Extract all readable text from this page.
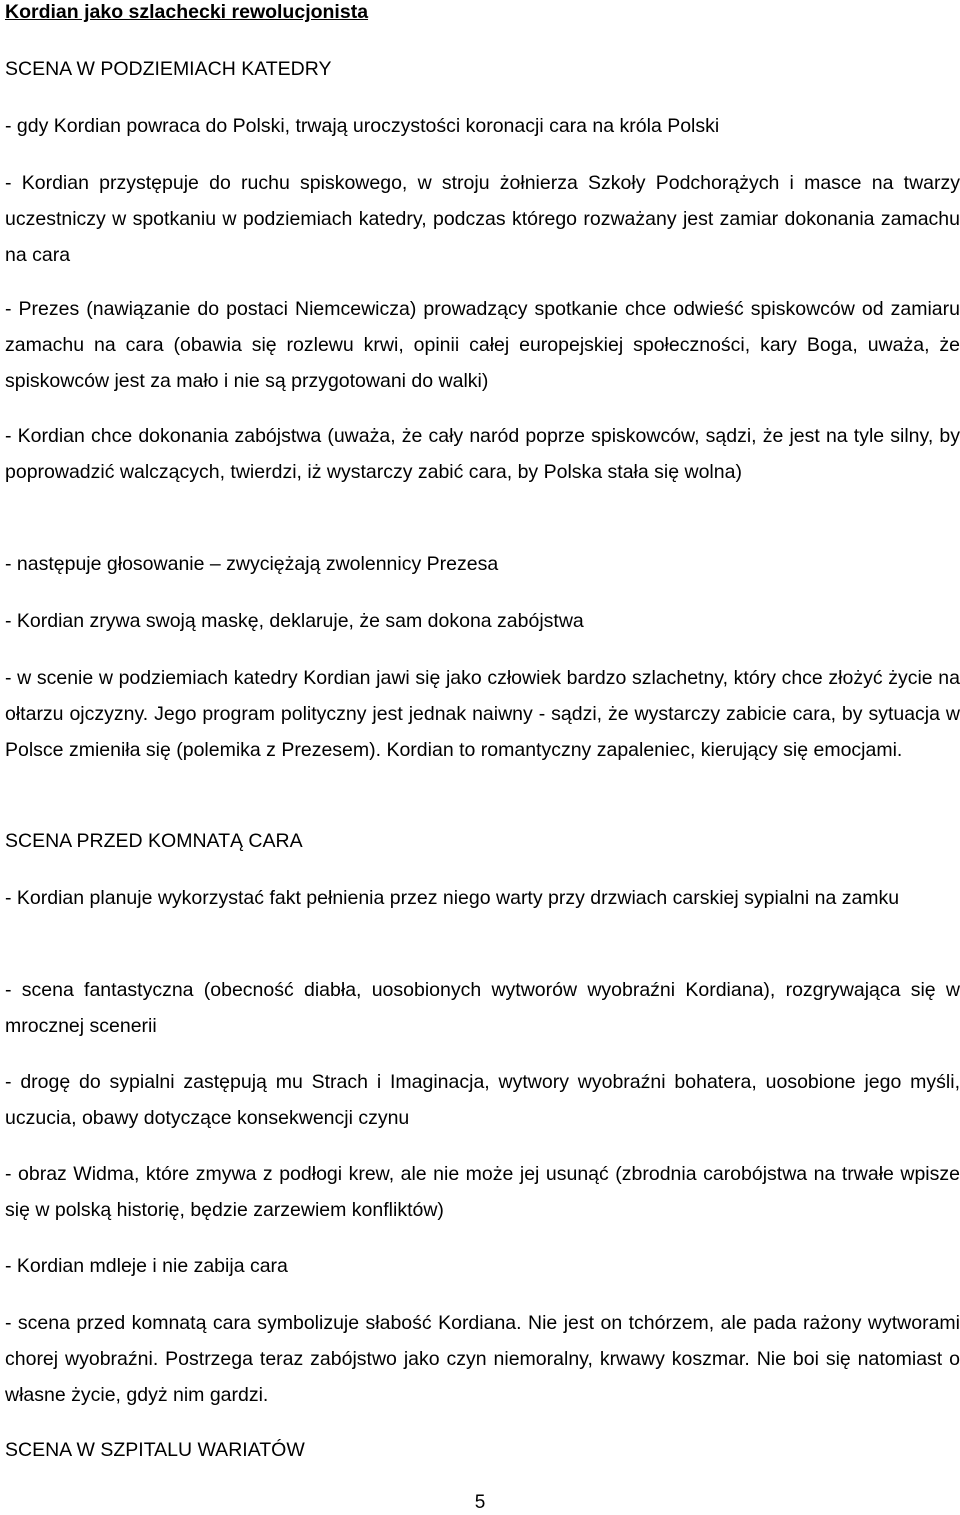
Kordian jako szlachecki rewolucjonista

SCENA W PODZIEMIACH KATEDRY

- gdy Kordian powraca do Polski, trwają uroczystości koronacji cara na króla Polski

- Kordian przystępuje do ruchu spiskowego, w stroju żołnierza Szkoły Podchorążych i masce na twarzy uczestniczy w spotkaniu w podziemiach katedry, podczas którego rozważany jest zamiar dokonania zamachu na cara

- Prezes (nawiązanie do postaci Niemcewicza) prowadzący spotkanie chce odwieść spiskowców od zamiaru zamachu na cara (obawia się rozlewu krwi, opinii całej europejskiej społeczności, kary Boga, uważa, że spiskowców jest za mało i nie są przygotowani do walki)

- Kordian chce dokonania zabójstwa (uważa, że cały naród poprze spiskowców, sądzi, że jest na tyle silny, by poprowadzić walczących, twierdzi, iż wystarczy zabić cara, by Polska stała się wolna)

- następuje głosowanie – zwyciężają zwolennicy Prezesa

- Kordian zrywa swoją maskę, deklaruje, że sam dokona zabójstwa

- w scenie w podziemiach katedry Kordian jawi się jako człowiek bardzo szlachetny, który chce złożyć życie na ołtarzu ojczyzny. Jego program polityczny jest jednak naiwny - sądzi, że wystarczy zabicie cara, by sytuacja w Polsce zmieniła się (polemika z Prezesem). Kordian to romantyczny zapaleniec, kierujący się emocjami.

SCENA PRZED KOMNATĄ CARA

- Kordian planuje wykorzystać fakt pełnienia przez niego warty przy drzwiach carskiej sypialni na zamku

- scena fantastyczna (obecność diabła, uosobionych wytworów wyobraźni Kordiana), rozgrywająca się w mrocznej scenerii

- drogę do sypialni zastępują mu Strach i Imaginacja, wytwory wyobraźni bohatera, uosobione jego myśli, uczucia, obawy dotyczące konsekwencji czynu

- obraz Widma, które zmywa z podłogi krew, ale nie może jej usunąć (zbrodnia carobójstwa na trwałe wpisze się w polską historię, będzie zarzewiem konfliktów)

- Kordian mdleje i nie zabija cara

- scena przed komnatą cara symbolizuje słabość Kordiana. Nie jest on tchórzem, ale pada rażony wytworami chorej wyobraźni. Postrzega teraz zabójstwo jako czyn niemoralny, krwawy koszmar. Nie boi się natomiast o własne życie, gdyż nim gardzi.

SCENA W SZPITALU WARIATÓW

5
